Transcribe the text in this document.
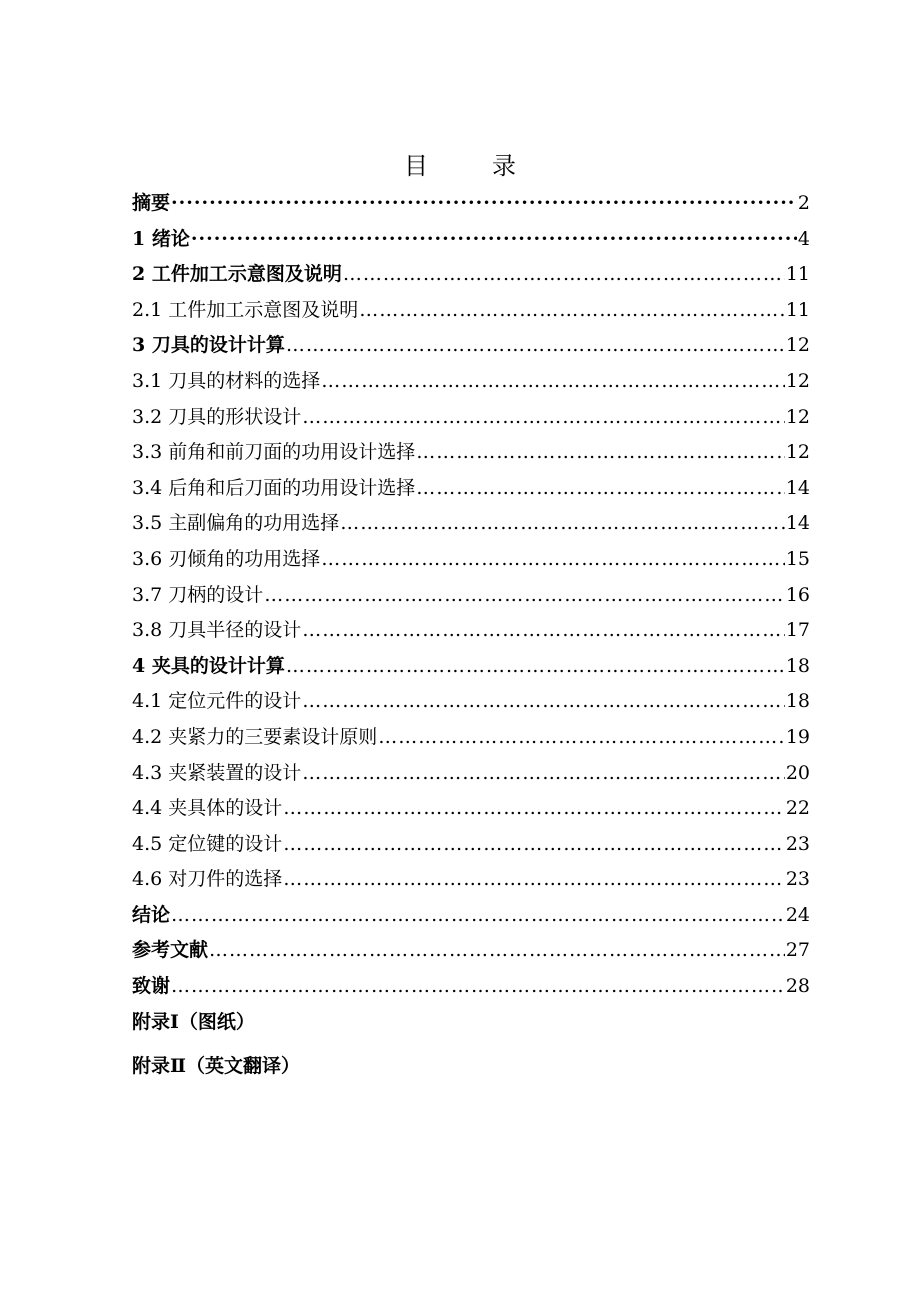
目　录
摘要 ·····	2
1 绪论 ·····	4
2 工件加工示意图及说明 ………………………………………………………………………………………………………………………………………………………………………………………	11
2.1 工件加工示意图及说明 ………………………………………………………………………………………………………………………………………………………………………………………	11
3 刀具的设计计算 ………………………………………………………………………………………………………………………………………………………………………………………	12
3.1 刀具的材料的选择 ………………………………………………………………………………………………………………………………………………………………………………………	12
3.2 刀具的形状设计 ………………………………………………………………………………………………………………………………………………………………………………………	12
3.3 前角和前刀面的功用设计选择 ………………………………………………………………………………………………………………………………………………………………………………………	12
3.4 后角和后刀面的功用设计选择 ………………………………………………………………………………………………………………………………………………………………………………………	14
3.5 主副偏角的功用选择 ………………………………………………………………………………………………………………………………………………………………………………………	14
3.6 刃倾角的功用选择 ………………………………………………………………………………………………………………………………………………………………………………………	15
3.7 刀柄的设计 ………………………………………………………………………………………………………………………………………………………………………………………	16
3.8 刀具半径的设计 ………………………………………………………………………………………………………………………………………………………………………………………	17
4 夹具的设计计算 ………………………………………………………………………………………………………………………………………………………………………………………	18
4.1 定位元件的设计 ………………………………………………………………………………………………………………………………………………………………………………………	18
4.2 夹紧力的三要素设计原则 ………………………………………………………………………………………………………………………………………………………………………………………	19
4.3 夹紧装置的设计 ………………………………………………………………………………………………………………………………………………………………………………………	20
4.4 夹具体的设计 ………………………………………………………………………………………………………………………………………………………………………………………	22
4.5 定位键的设计 ………………………………………………………………………………………………………………………………………………………………………………………	23
4.6 对刀件的选择 ………………………………………………………………………………………………………………………………………………………………………………………	23
结论 ………………………………………………………………………………………………………………………………………………………………………………………	24
参考文献 ………………………………………………………………………………………………………………………………………………………………………………………	27
致谢 ………………………………………………………………………………………………………………………………………………………………………………………	28
附录Ⅰ（图纸）
附录Ⅱ（英文翻译）
